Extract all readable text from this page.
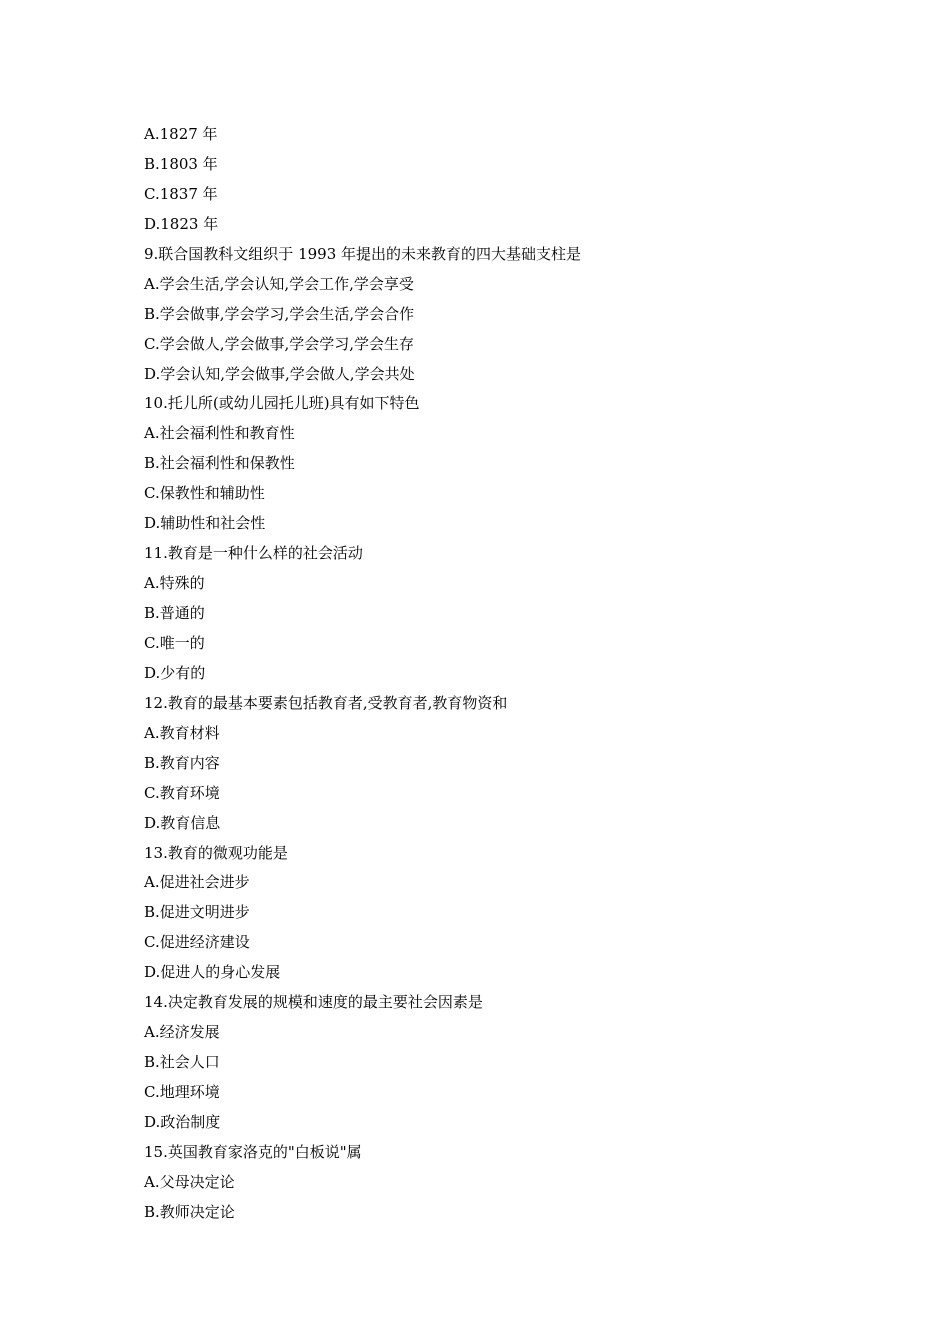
A.1827 年
B.1803 年
C.1837 年
D.1823 年
9.联合国教科文组织于 1993 年提出的未来教育的四大基础支柱是
A.学会生活,学会认知,学会工作,学会享受
B.学会做事,学会学习,学会生活,学会合作
C.学会做人,学会做事,学会学习,学会生存
D.学会认知,学会做事,学会做人,学会共处
10.托儿所(或幼儿园托儿班)具有如下特色
A.社会福利性和教育性
B.社会福利性和保教性
C.保教性和辅助性
D.辅助性和社会性
11.教育是一种什么样的社会活动
A.特殊的
B.普通的
C.唯一的
D.少有的
12.教育的最基本要素包括教育者,受教育者,教育物资和
A.教育材料
B.教育内容
C.教育环境
D.教育信息
13.教育的微观功能是
A.促进社会进步
B.促进文明进步
C.促进经济建设
D.促进人的身心发展
14.决定教育发展的规模和速度的最主要社会因素是
A.经济发展
B.社会人口
C.地理环境
D.政治制度
15.英国教育家洛克的"白板说"属
A.父母决定论
B.教师决定论
